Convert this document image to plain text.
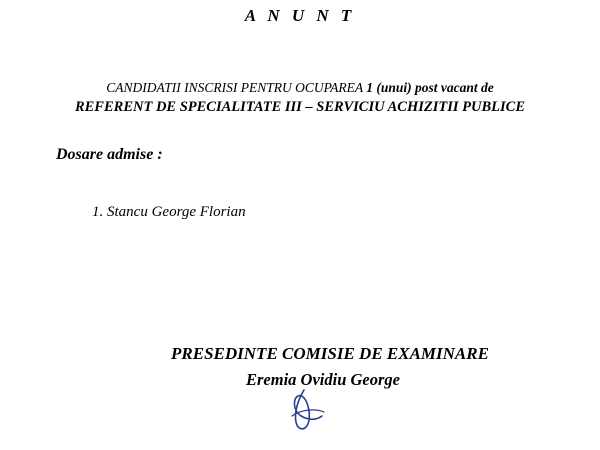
A N U N T
CANDIDATII INSCRISI PENTRU OCUPAREA 1 (unui) post vacant de
REFERENT DE SPECIALITATE III – SERVICIU ACHIZITII PUBLICE
Dosare admise :

1. Stancu George Florian

PRESEDINTE COMISIE DE EXAMINARE
Eremia Ovidiu George
